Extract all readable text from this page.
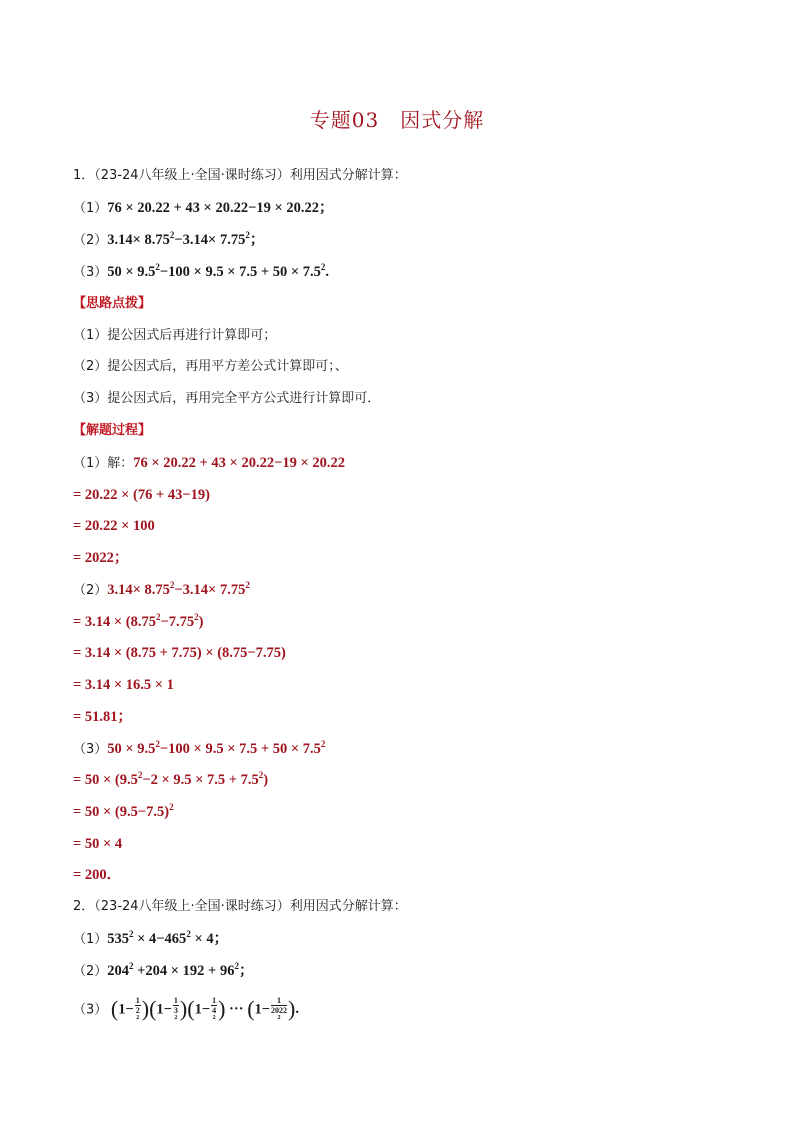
专题03　因式分解
1．（23-24八年级上·全国·课时练习）利用因式分解计算：
（1）76 × 20.22 + 43 × 20.22−19 × 20.22；
$(2)3.14\times 8.75^2-3.14\times 7.75^2$；
$(3)50 \times 9.5^2-100 \times 9.5 \times 7.5 + 50 \times 7.5^2$.
【思路点拨】
（1）提公因式后再进行计算即可；
（2）提公因式后，再用平方差公式计算即可；、
（3）提公因式后，再用完全平方公式进行计算即可．
【解题过程】
（1）解：76 × 20.22 + 43 × 20.22−19 × 20.22
= 20.22 × (76 + 43−19)
= 20.22 × 100
= 2022；
$(2)3.14\times 8.75^2-3.14\times 7.75^2$
= $3.14 \times (8.75^2-7.75^2)$
= 3.14 × (8.75 + 7.75) × (8.75−7.75)
= 3.14 × 16.5 × 1
= 51.81；
$(3)50 \times 9.5^2-100 \times 9.5 \times 7.5 + 50 \times 7.5^2$
= $50 \times (9.5^2-2 \times 9.5 \times 7.5 + 7.5^2)$
= $50 \times (9.5-7.5)^2$
= 50 × 4
= 200．
2．（23-24八年级上·全国·课时练习）利用因式分解计算：
$(1)535^2 \times 4-465^2 \times 4$；
$(2)204^2 +204 \times 192 + 96^2$；
（3） (1− 1
2
$^2$ )(1− 1
3
$^2$ )(1− 1
4
$^2$ ) ··· (1− 1
2022
$^2$ ).
